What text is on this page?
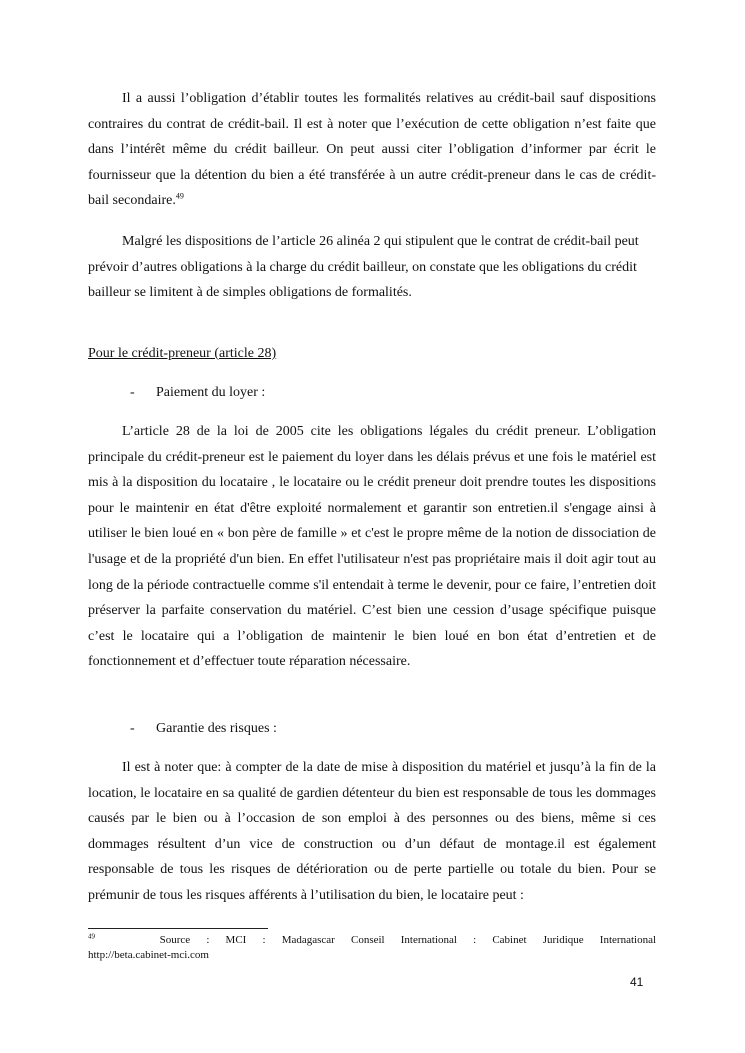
Il a aussi l’obligation d’établir toutes les formalités relatives au crédit-bail sauf dispositions contraires du contrat de crédit-bail. Il est à noter que l’exécution de cette obligation n’est faite que dans l’intérêt même du crédit bailleur. On peut aussi citer l’obligation d’informer par écrit le fournisseur que la détention du bien a été transférée à un autre crédit-preneur dans le cas de crédit-bail secondaire.$^{49}$

Malgré les dispositions de l’article 26 alinéa 2 qui stipulent que le contrat de crédit-bail peut prévoir d’autres obligations à la charge du crédit bailleur, on constate que les obligations du crédit bailleur se limitent à de simples obligations de formalités.

Pour le crédit-preneur (article 28)

- Paiement du loyer :

L’article 28 de la loi de 2005 cite les obligations légales du crédit preneur. L’obligation principale du crédit-preneur est le paiement du loyer dans les délais prévus et une fois le matériel est mis à la disposition du locataire , le locataire ou le crédit preneur doit prendre toutes les dispositions pour le maintenir en état d'être exploité normalement et garantir son entretien.il s'engage ainsi à utiliser le bien loué en « bon père de famille » et c'est le propre même de la notion de dissociation de l'usage et de la propriété d'un bien. En effet l'utilisateur n'est pas propriétaire mais il doit agir tout au long de la période contractuelle comme s'il entendait à terme le devenir, pour ce faire, l’entretien doit préserver la parfaite conservation du matériel. C’est bien une cession d’usage spécifique puisque c’est le locataire qui a l’obligation de maintenir le bien loué en bon état d’entretien et de fonctionnement et d’effectuer toute réparation nécessaire.

- Garantie des risques :

Il est à noter que: à compter de la date de mise à disposition du matériel et jusqu’à la fin de la location, le locataire en sa qualité de gardien détenteur du bien est responsable de tous les dommages causés par le bien ou à l’occasion de son emploi à des personnes ou des biens, même si ces dommages résultent d’un vice de construction ou d’un défaut de montage.il est également responsable de tous les risques de détérioration ou de perte partielle ou totale du bien. Pour se prémunir de tous les risques afférents à l’utilisation du bien, le locataire peut :

$^{49}$	Source : MCI : Madagascar Conseil International : Cabinet Juridique International

http://beta.cabinet-mci.com

41
